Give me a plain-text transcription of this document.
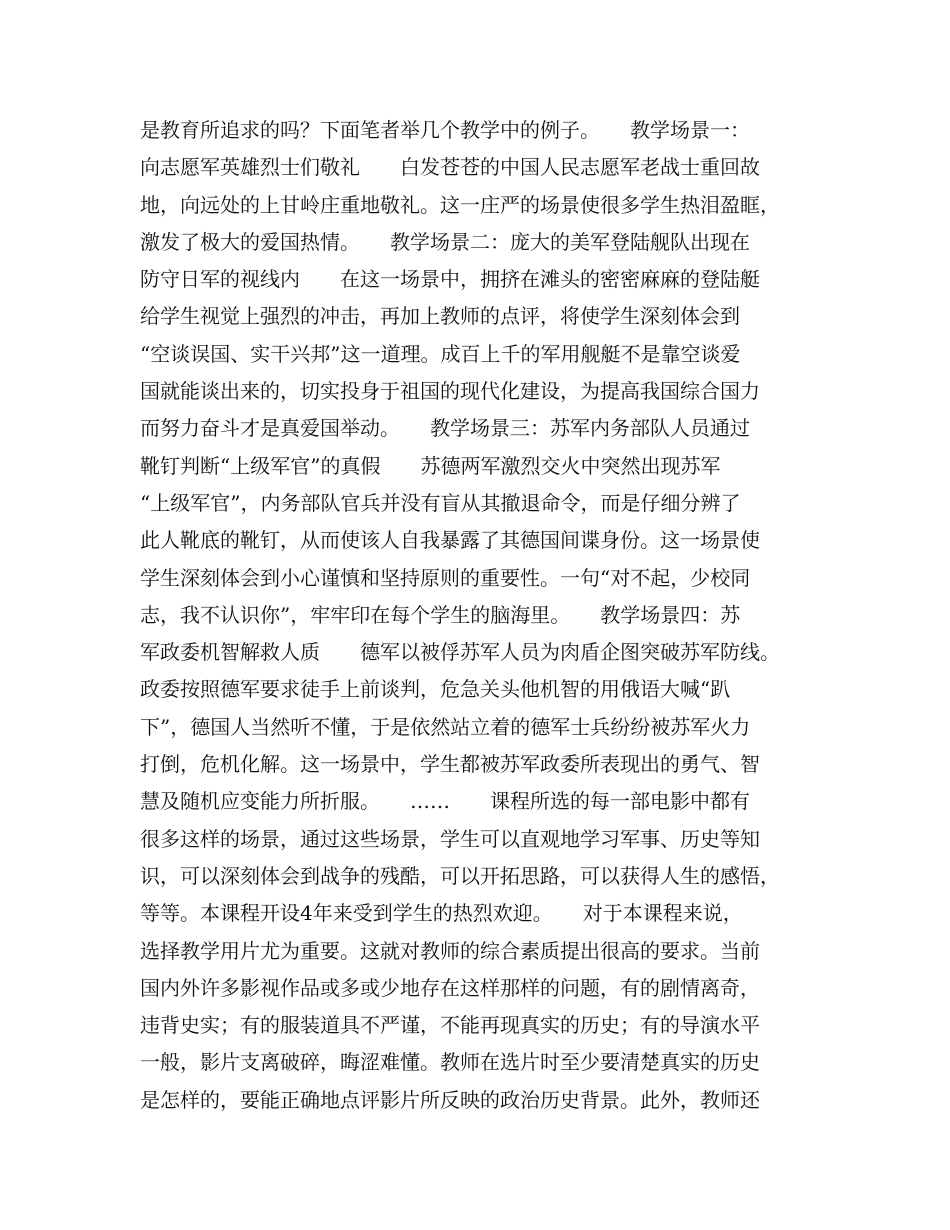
是教育所追求的吗？下面笔者举几个教学中的例子。　　教学场景一：
向志愿军英雄烈士们敬礼　　白发苍苍的中国人民志愿军老战士重回故
地，向远处的上甘岭庄重地敬礼。这一庄严的场景使很多学生热泪盈眶，
激发了极大的爱国热情。　　教学场景二：庞大的美军登陆舰队出现在
防守日军的视线内　　在这一场景中，拥挤在滩头的密密麻麻的登陆艇
给学生视觉上强烈的冲击，再加上教师的点评，将使学生深刻体会到
“空谈误国、实干兴邦”这一道理。成百上千的军用舰艇不是靠空谈爱
国就能谈出来的，切实投身于祖国的现代化建设，为提高我国综合国力
而努力奋斗才是真爱国举动。　　教学场景三：苏军内务部队人员通过
靴钉判断“上级军官”的真假　　苏德两军激烈交火中突然出现苏军
“上级军官”，内务部队官兵并没有盲从其撤退命令，而是仔细分辨了
此人靴底的靴钉，从而使该人自我暴露了其德国间谍身份。这一场景使
学生深刻体会到小心谨慎和坚持原则的重要性。一句“对不起，少校同
志，我不认识你”，牢牢印在每个学生的脑海里。　　教学场景四：苏
军政委机智解救人质　　德军以被俘苏军人员为肉盾企图突破苏军防线。
政委按照德军要求徒手上前谈判，危急关头他机智的用俄语大喊“趴
下”，德国人当然听不懂，于是依然站立着的德军士兵纷纷被苏军火力
打倒，危机化解。这一场景中，学生都被苏军政委所表现出的勇气、智
慧及随机应变能力所折服。　　……　　课程所选的每一部电影中都有
很多这样的场景，通过这些场景，学生可以直观地学习军事、历史等知
识，可以深刻体会到战争的残酷，可以开拓思路，可以获得人生的感悟，
等等。本课程开设4年来受到学生的热烈欢迎。　　对于本课程来说，
选择教学用片尤为重要。这就对教师的综合素质提出很高的要求。当前
国内外许多影视作品或多或少地存在这样那样的问题，有的剧情离奇，
违背史实；有的服装道具不严谨，不能再现真实的历史；有的导演水平
一般，影片支离破碎，晦涩难懂。教师在选片时至少要清楚真实的历史
是怎样的，要能正确地点评影片所反映的政治历史背景。此外，教师还
